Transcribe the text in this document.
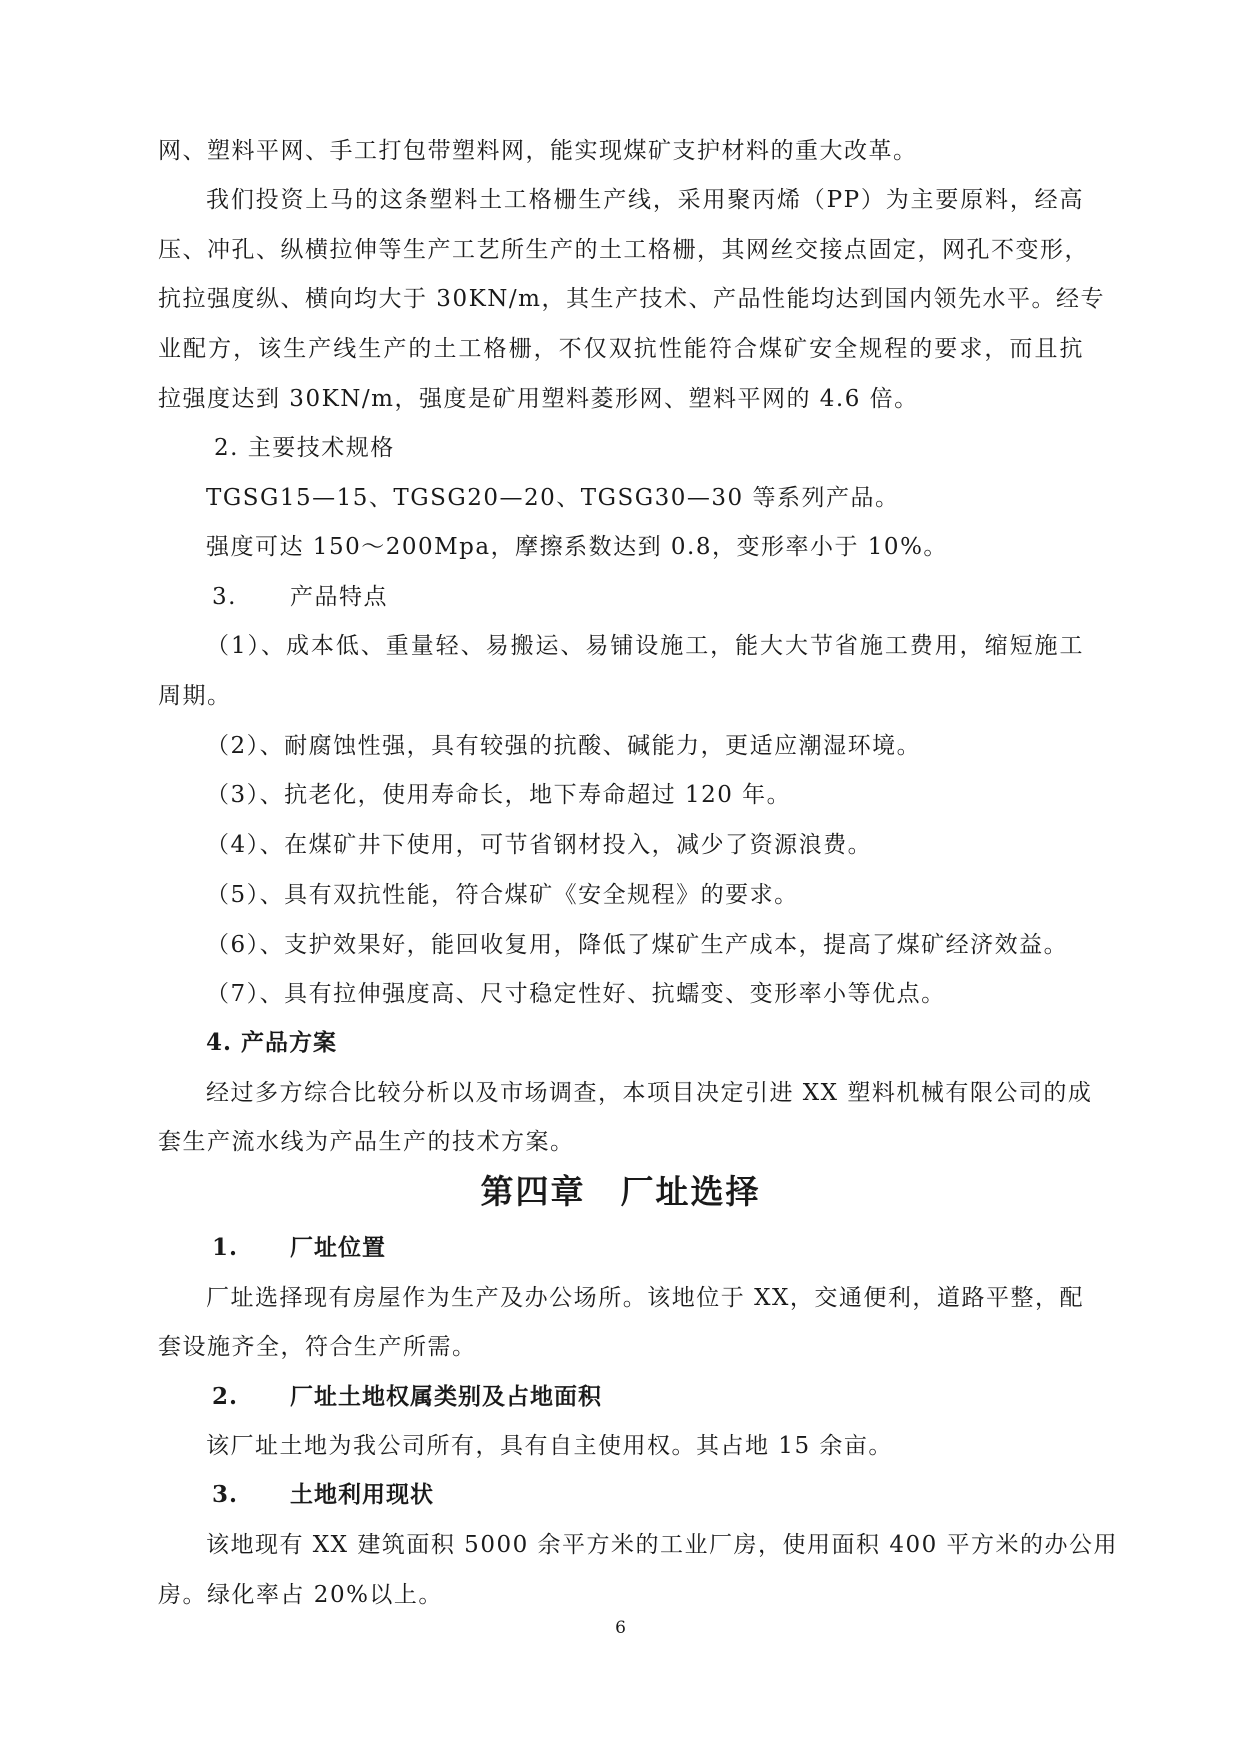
网、塑料平网、手工打包带塑料网，能实现煤矿支护材料的重大改革。
我们投资上马的这条塑料土工格栅生产线，采用聚丙烯（PP）为主要原料，经高
压、冲孔、纵横拉伸等生产工艺所生产的土工格栅，其网丝交接点固定，网孔不变形，
抗拉强度纵、横向均大于 30KN/m，其生产技术、产品性能均达到国内领先水平。经专
业配方，该生产线生产的土工格栅，不仅双抗性能符合煤矿安全规程的要求，而且抗
拉强度达到 30KN/m，强度是矿用塑料菱形网、塑料平网的 4.6 倍。
2. 主要技术规格
TGSG15—15、TGSG20—20、TGSG30—30 等系列产品。
强度可达 150～200Mpa，摩擦系数达到 0.8，变形率小于 10%。
3. 产品特点
（1）、成本低、重量轻、易搬运、易铺设施工，能大大节省施工费用，缩短施工
周期。
（2）、耐腐蚀性强，具有较强的抗酸、碱能力，更适应潮湿环境。
（3）、抗老化，使用寿命长，地下寿命超过 120 年。
（4）、在煤矿井下使用，可节省钢材投入，减少了资源浪费。
（5）、具有双抗性能，符合煤矿《安全规程》的要求。
（6）、支护效果好，能回收复用，降低了煤矿生产成本，提高了煤矿经济效益。
（7）、具有拉伸强度高、尺寸稳定性好、抗蠕变、变形率小等优点。
4. 产品方案
经过多方综合比较分析以及市场调查，本项目决定引进 XX 塑料机械有限公司的成
套生产流水线为产品生产的技术方案。
第四章　厂址选择
1. 厂址位置
厂址选择现有房屋作为生产及办公场所。该地位于 XX，交通便利，道路平整，配
套设施齐全，符合生产所需。
2. 厂址土地权属类别及占地面积
该厂址土地为我公司所有，具有自主使用权。其占地 15 余亩。
3. 土地利用现状
该地现有 XX 建筑面积 5000 余平方米的工业厂房，使用面积 400 平方米的办公用
房。绿化率占 20%以上。
6
